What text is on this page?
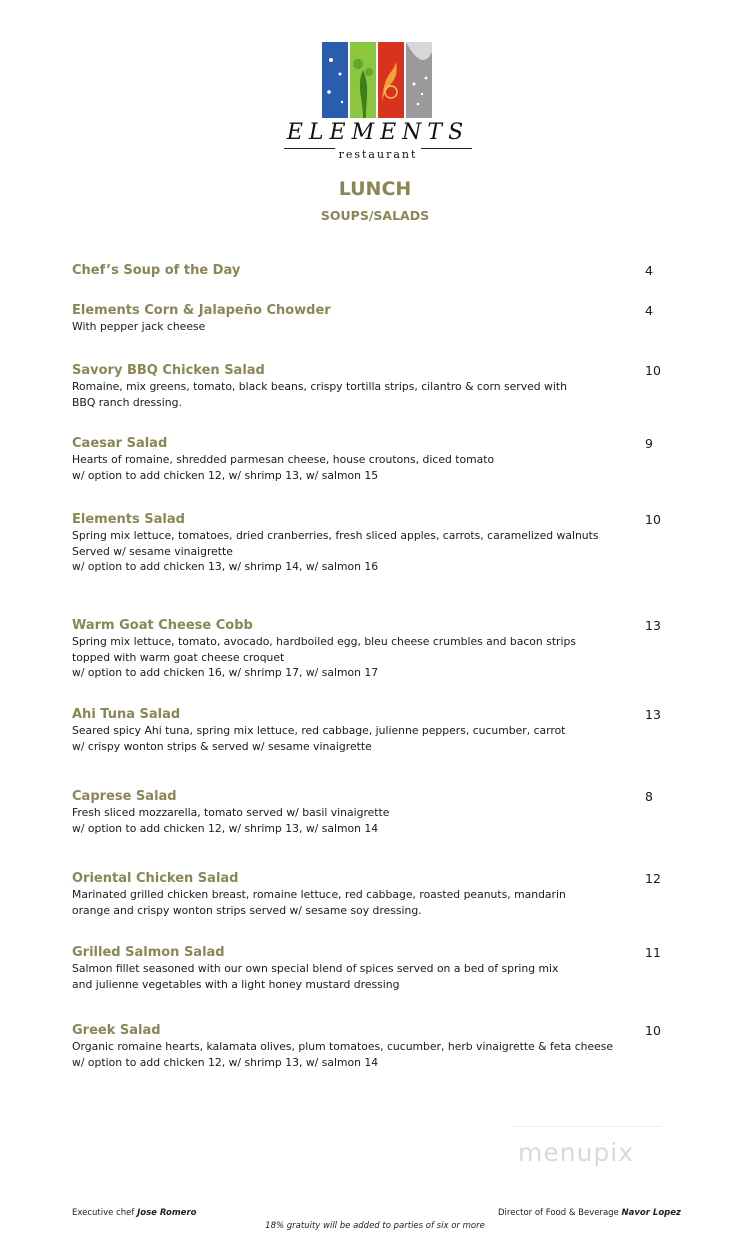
ELEMENTS
restaurant
LUNCH
SOUPS/SALADS
Chef’s Soup of the Day	4
Elements Corn & Jalapeño Chowder
With pepper jack cheese
4
Savory BBQ Chicken Salad
Romaine, mix greens, tomato, black beans, crispy tortilla strips, cilantro & corn served with
BBQ ranch dressing.
10
Caesar Salad
Hearts of romaine, shredded parmesan cheese, house croutons, diced tomato
w/ option to add chicken 12, w/ shrimp 13, w/ salmon 15
9
Elements Salad
Spring mix lettuce, tomatoes, dried cranberries, fresh sliced apples, carrots, caramelized walnuts
Served w/ sesame vinaigrette
w/ option to add chicken 13, w/ shrimp 14, w/ salmon 16
10
Warm Goat Cheese Cobb
Spring mix lettuce, tomato, avocado, hardboiled egg, bleu cheese crumbles and bacon strips
topped with warm goat cheese croquet
w/ option to add chicken 16, w/ shrimp 17, w/ salmon 17
13
Ahi Tuna Salad
Seared spicy Ahi tuna, spring mix lettuce, red cabbage, julienne peppers, cucumber, carrot
w/ crispy wonton strips & served w/ sesame vinaigrette
13
Caprese Salad
Fresh sliced mozzarella, tomato served w/ basil vinaigrette
w/ option to add chicken 12, w/ shrimp 13, w/ salmon 14
8
Oriental Chicken Salad
Marinated grilled chicken breast, romaine lettuce, red cabbage, roasted peanuts, mandarin
orange and crispy wonton strips served w/ sesame soy dressing.
12
Grilled Salmon Salad
Salmon fillet seasoned with our own special blend of spices served on a bed of spring mix
and julienne vegetables with a light honey mustard dressing
11
Greek Salad
Organic romaine hearts, kalamata olives, plum tomatoes, cucumber, herb vinaigrette & feta cheese
w/ option to add chicken 12, w/ shrimp 13, w/ salmon 14
10
menupix
Executive chef Jose Romero	Director of Food & Beverage Navor Lopez
18% gratuity will be added to parties of six or more
